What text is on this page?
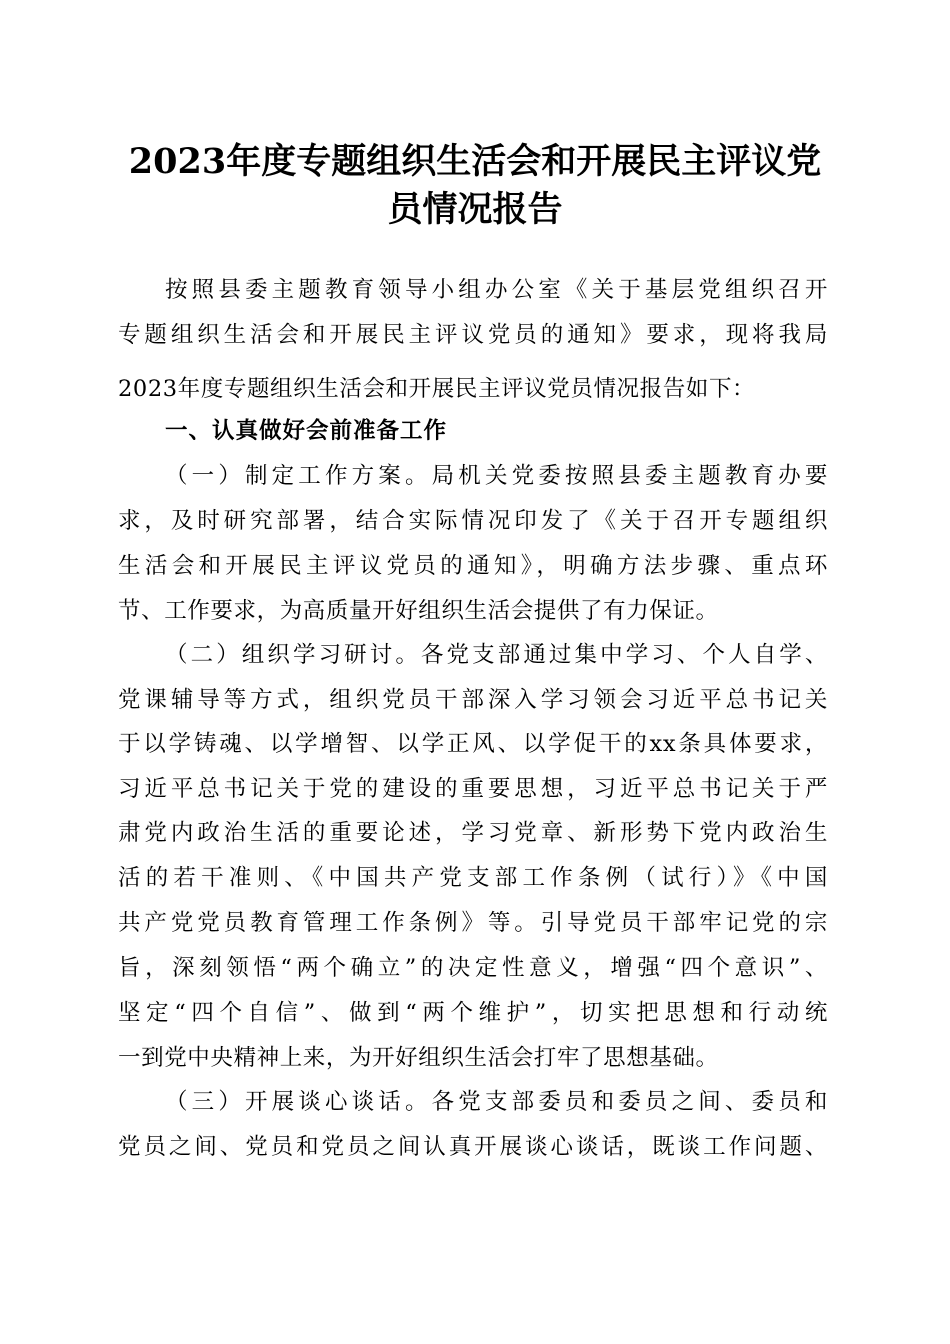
2023年度专题组织生活会和开展民主评议党
员情况报告
按照县委主题教育领导小组办公室《关于基层党组织召开
专题组织生活会和开展民主评议党员的通知》要求，现将我局
2023年度专题组织生活会和开展民主评议党员情况报告如下：
一、认真做好会前准备工作
（一）制定工作方案。局机关党委按照县委主题教育办要
求，及时研究部署，结合实际情况印发了《关于召开专题组织
生活会和开展民主评议党员的通知》，明确方法步骤、重点环
节、工作要求，为高质量开好组织生活会提供了有力保证。
（二）组织学习研讨。各党支部通过集中学习、个人自学、
党课辅导等方式，组织党员干部深入学习领会习近平总书记关
于以学铸魂、以学增智、以学正风、以学促干的xx条具体要求，
习近平总书记关于党的建设的重要思想，习近平总书记关于严
肃党内政治生活的重要论述，学习党章、新形势下党内政治生
活的若干准则、《中国共产党支部工作条例（试行）》《中国
共产党党员教育管理工作条例》等。引导党员干部牢记党的宗
旨，深刻领悟“两个确立”的决定性意义，增强“四个意识”、
坚定“四个自信”、做到“两个维护”，切实把思想和行动统
一到党中央精神上来，为开好组织生活会打牢了思想基础。
（三）开展谈心谈话。各党支部委员和委员之间、委员和
党员之间、党员和党员之间认真开展谈心谈话，既谈工作问题、
